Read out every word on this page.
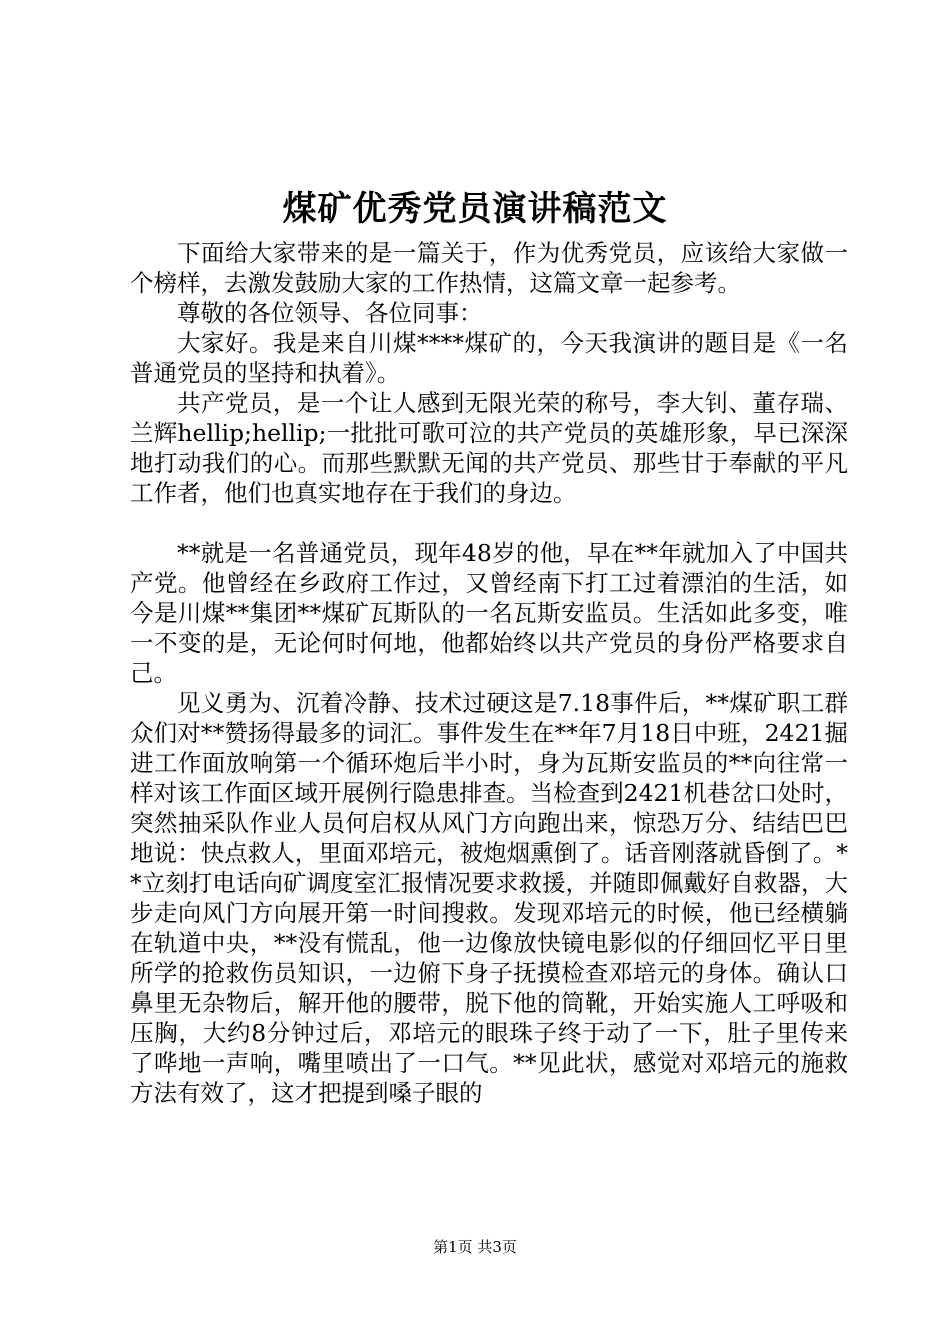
煤矿优秀党员演讲稿范文

下面给大家带来的是一篇关于，作为优秀党员，应该给大家做一个榜样，去激发鼓励大家的工作热情，这篇文章一起参考。

尊敬的各位领导、各位同事：

大家好。我是来自川煤****煤矿的，今天我演讲的题目是《一名普通党员的坚持和执着》。

共产党员，是一个让人感到无限光荣的称号，李大钊、董存瑞、兰辉hellip;hellip;一批批可歌可泣的共产党员的英雄形象，早已深深地打动我们的心。而那些默默无闻的共产党员、那些甘于奉献的平凡工作者，他们也真实地存在于我们的身边。

**就是一名普通党员，现年48岁的他，早在**年就加入了中国共产党。他曾经在乡政府工作过，又曾经南下打工过着漂泊的生活，如今是川煤**集团**煤矿瓦斯队的一名瓦斯安监员。生活如此多变，唯一不变的是，无论何时何地，他都始终以共产党员的身份严格要求自己。

见义勇为、沉着冷静、技术过硬这是7.18事件后，**煤矿职工群众们对**赞扬得最多的词汇。事件发生在**年7月18日中班，2421掘进工作面放响第一个循环炮后半小时，身为瓦斯安监员的**向往常一样对该工作面区域开展例行隐患排查。当检查到2421机巷岔口处时，突然抽采队作业人员何启权从风门方向跑出来，惊恐万分、结结巴巴地说：快点救人，里面邓培元，被炮烟熏倒了。话音刚落就昏倒了。**立刻打电话向矿调度室汇报情况要求救援，并随即佩戴好自救器，大步走向风门方向展开第一时间搜救。发现邓培元的时候，他已经横躺在轨道中央，**没有慌乱，他一边像放快镜电影似的仔细回忆平日里所学的抢救伤员知识，一边俯下身子抚摸检查邓培元的身体。确认口鼻里无杂物后，解开他的腰带，脱下他的筒靴，开始实施人工呼吸和压胸，大约8分钟过后，邓培元的眼珠子终于动了一下，肚子里传来了哗地一声响，嘴里喷出了一口气。**见此状，感觉对邓培元的施救方法有效了，这才把提到嗓子眼的

第1页 共3页
